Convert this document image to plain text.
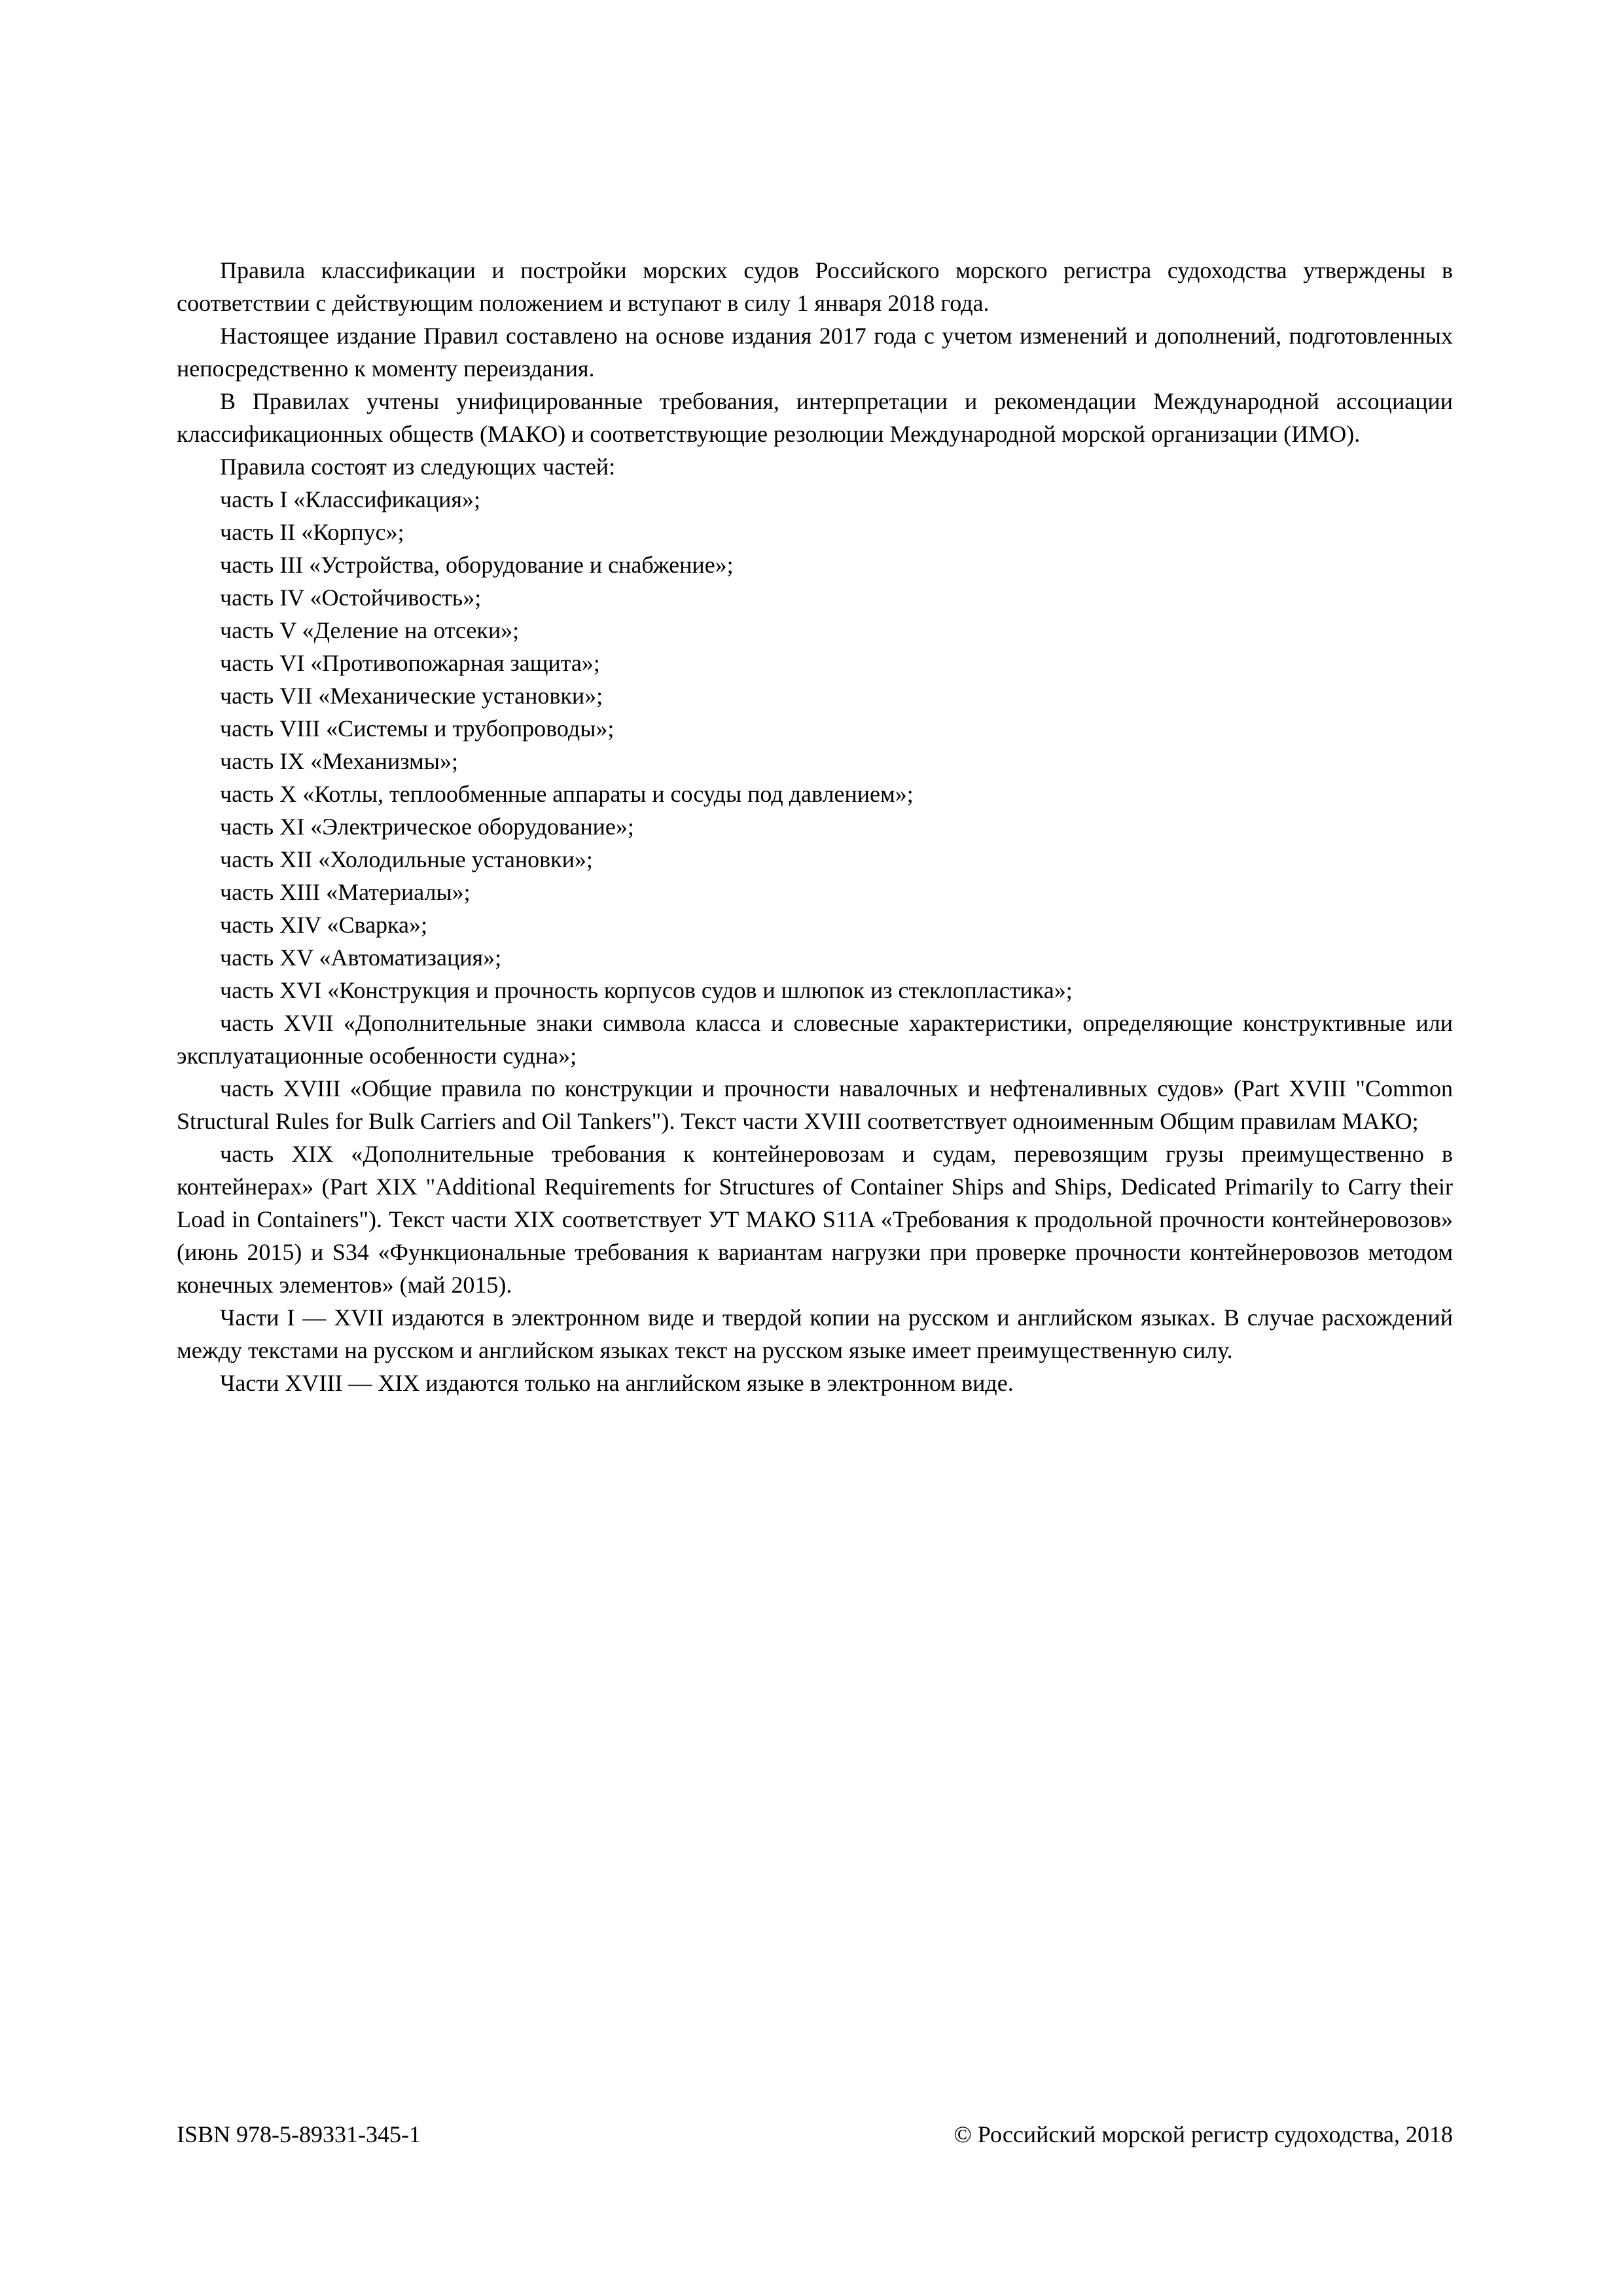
Правила классификации и постройки морских судов Российского морского регистра судоходства утверждены в соответствии с действующим положением и вступают в силу 1 января 2018 года.

Настоящее издание Правил составлено на основе издания 2017 года с учетом изменений и дополнений, подготовленных непосредственно к моменту переиздания.

В Правилах учтены унифицированные требования, интерпретации и рекомендации Международной ассоциации классификационных обществ (МАКО) и соответствующие резолюции Международной морской организации (ИМО).

Правила состоят из следующих частей:

часть I «Классификация»;

часть II «Корпус»;

часть III «Устройства, оборудование и снабжение»;

часть IV «Остойчивость»;

часть V «Деление на отсеки»;

часть VI «Противопожарная защита»;

часть VII «Механические установки»;

часть VIII «Системы и трубопроводы»;

часть IX «Механизмы»;

часть X «Котлы, теплообменные аппараты и сосуды под давлением»;

часть XI «Электрическое оборудование»;

часть XII «Холодильные установки»;

часть XIII «Материалы»;

часть XIV «Сварка»;

часть XV «Автоматизация»;

часть XVI «Конструкция и прочность корпусов судов и шлюпок из стеклопластика»;

часть XVII «Дополнительные знаки символа класса и словесные характеристики, определяющие конструктивные или эксплуатационные особенности судна»;

часть XVIII «Общие правила по конструкции и прочности навалочных и нефтеналивных судов» (Part XVIII "Common Structural Rules for Bulk Carriers and Oil Tankers"). Текст части XVIII соответствует одноименным Общим правилам МАКО;

часть XIX «Дополнительные требования к контейнеровозам и судам, перевозящим грузы преимущественно в контейнерах» (Part XIX "Additional Requirements for Structures of Container Ships and Ships, Dedicated Primarily to Carry their Load in Containers"). Текст части XIX соответствует УТ МАКО S11A «Требования к продольной прочности контейнеровозов» (июнь 2015) и S34 «Функциональные требования к вариантам нагрузки при проверке прочности контейнеровозов методом конечных элементов» (май 2015).

Части I — XVII издаются в электронном виде и твердой копии на русском и английском языках. В случае расхождений между текстами на русском и английском языках текст на русском языке имеет преимущественную силу.

Части XVIII — XIX издаются только на английском языке в электронном виде.

ISBN 978-5-89331-345-1	© Российский морской регистр судоходства, 2018
